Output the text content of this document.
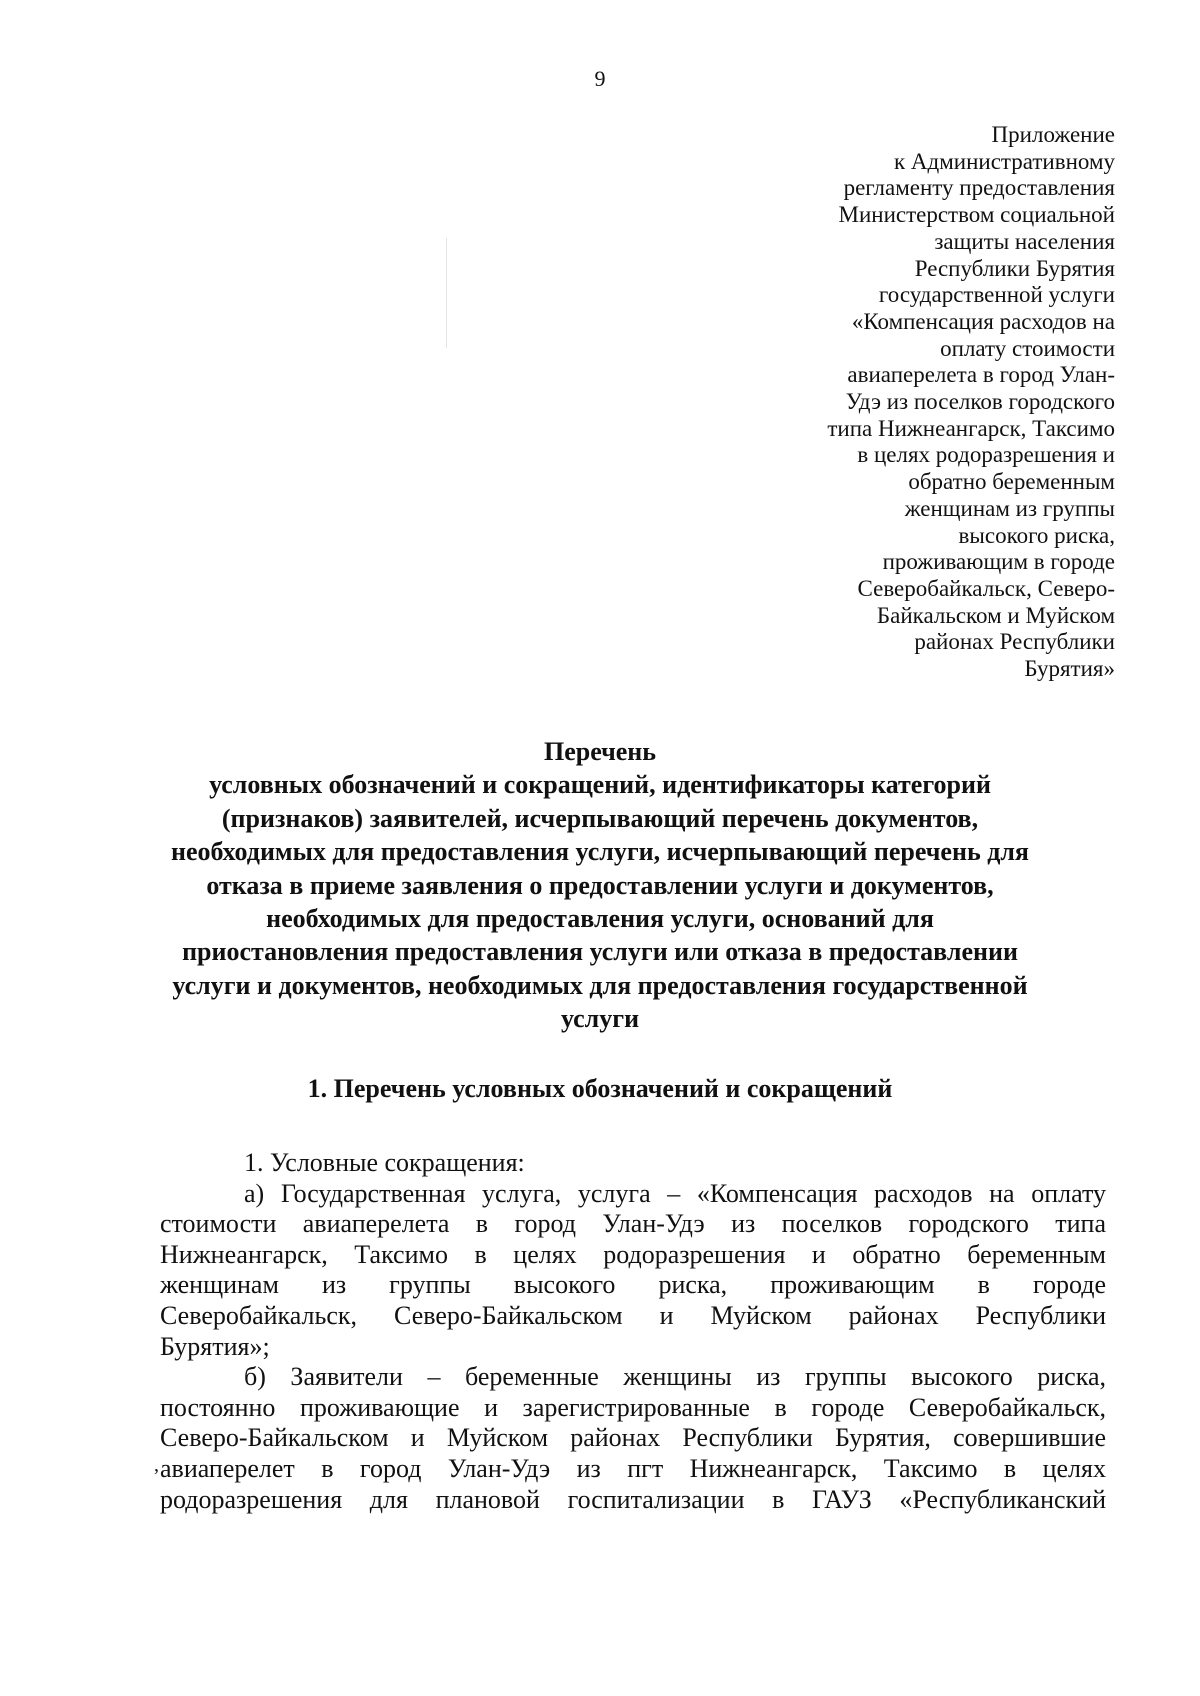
9
Приложение
к Административному
регламенту предоставления
Министерством социальной
защиты населения
Республики Бурятия
государственной услуги
«Компенсация расходов на
оплату стоимости
авиаперелета в город Улан-
Удэ из поселков городского
типа Нижнеангарск, Таксимо
в целях родоразрешения и
обратно беременным
женщинам из группы
высокого риска,
проживающим в городе
Северобайкальск, Северо-
Байкальском и Муйском
районах Республики
Бурятия»
Перечень
условных обозначений и сокращений, идентификаторы категорий
(признаков) заявителей, исчерпывающий перечень документов,
необходимых для предоставления услуги, исчерпывающий перечень для
отказа в приеме заявления о предоставлении услуги и документов,
необходимых для предоставления услуги, оснований для
приостановления предоставления услуги или отказа в предоставлении
услуги и документов, необходимых для предоставления государственной
услуги
1. Перечень условных обозначений и сокращений
1. Условные сокращения:
а) Государственная услуга, услуга – «Компенсация расходов на оплату
стоимости авиаперелета в город Улан-Удэ из поселков городского типа
Нижнеангарск, Таксимо в целях родоразрешения и обратно беременным
женщинам из группы высокого риска, проживающим в городе
Северобайкальск, Северо-Байкальском и Муйском районах Республики
Бурятия»;
б) Заявители – беременные женщины из группы высокого риска,
постоянно проживающие и зарегистрированные в городе Северобайкальск,
Северо-Байкальском и Муйском районах Республики Бурятия, совершившие
авиаперелет в город Улан-Удэ из пгт Нижнеангарск, Таксимо в целях
родоразрешения для плановой госпитализации в ГАУЗ «Республиканский
,
